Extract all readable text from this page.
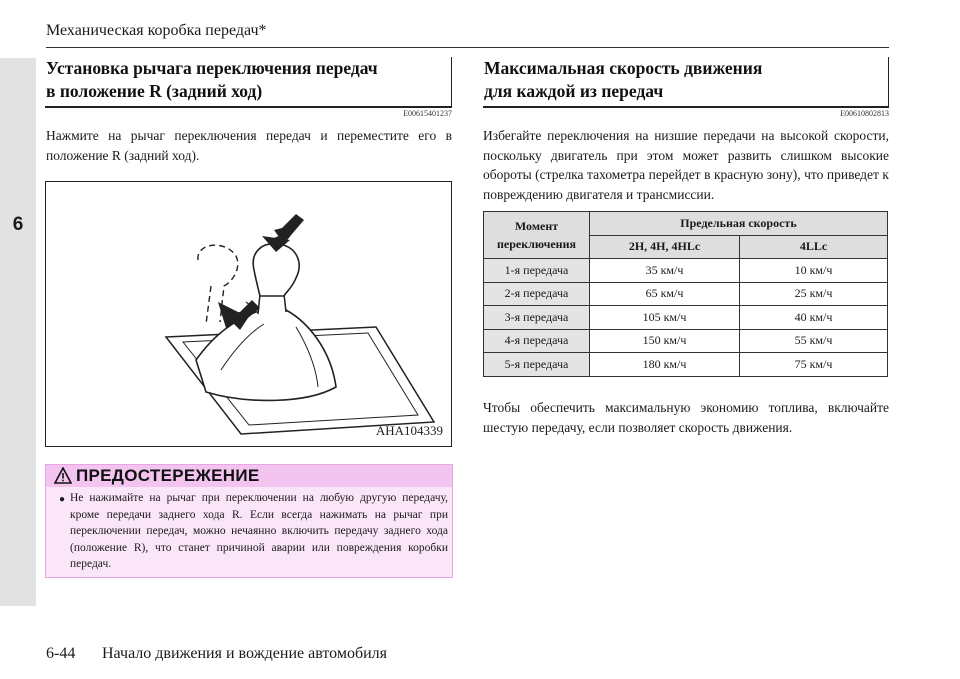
6
Механическая коробка передач*
Установка рычага переключения передач
в положение R (задний ход)
E00615401237
Нажмите на рычаг переключения передач и переместите его в положение R (задний ход).
AHA104339
ПРЕДОСТЕРЕЖЕНИЕ
● Не нажимайте на рычаг при переключении на любую другую передачу, кроме передачи заднего хода R. Если всегда нажимать на рычаг при переключении передач, можно нечаянно включить передачу заднего хода (положение R), что станет причиной аварии или повреждения коробки передач.
Максимальная скорость движения
для каждой из передач
E00610802813
Избегайте переключения на низшие передачи на высокой скорости, поскольку двигатель при этом может развить слишком высокие обороты (стрелка тахометра перейдет в красную зону), что приведет к повреждению двигателя и трансмиссии.
Момент переключения	Предельная скорость	
	2H, 4H, 4HLc	4LLc
1-я передача	35 км/ч	10 км/ч
2-я передача	65 км/ч	25 км/ч
3-я передача	105 км/ч	40 км/ч
4-я передача	150 км/ч	55 км/ч
5-я передача	180 км/ч	75 км/ч
Чтобы обеспечить максимальную экономию топлива, включайте шестую передачу, если позволяет скорость движения.
6-44 Начало движения и вождение автомобиля
